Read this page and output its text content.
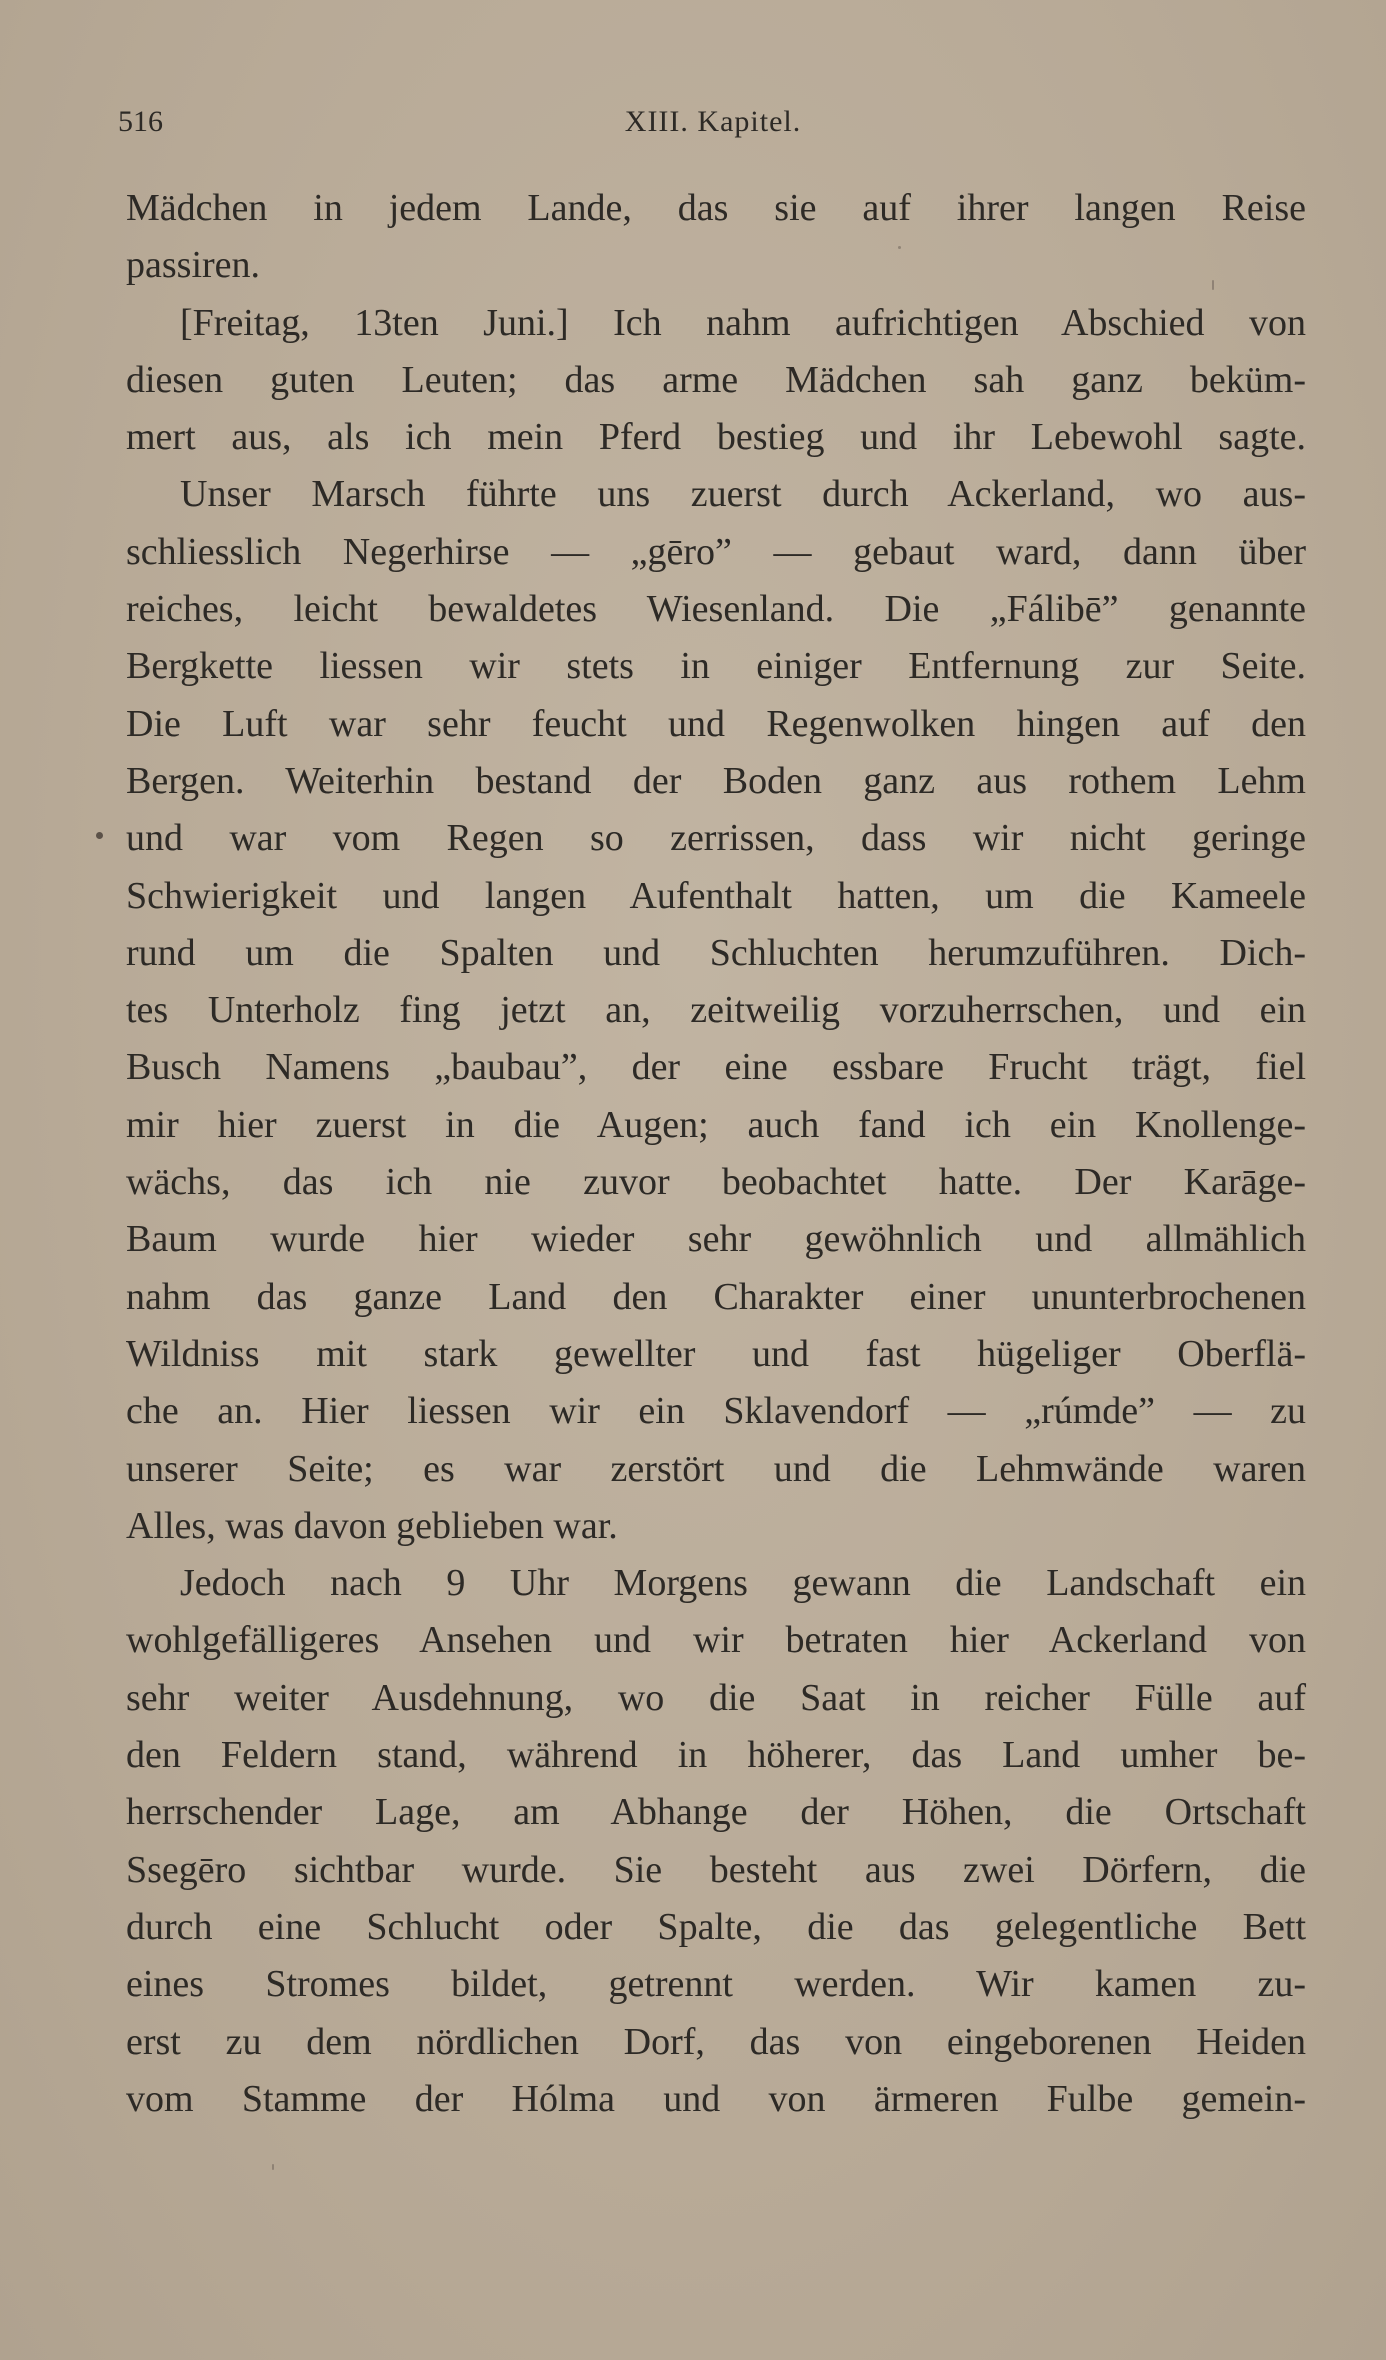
516	XIII. Kapitel.
Mädchen in jedem Lande, das sie auf ihrer langen Reise
passiren.
[Freitag, 13ten Juni.] Ich nahm aufrichtigen Abschied von
diesen guten Leuten; das arme Mädchen sah ganz beküm-
mert aus, als ich mein Pferd bestieg und ihr Lebewohl sagte.
Unser Marsch führte uns zuerst durch Ackerland, wo aus-
schliesslich Negerhirse — „gēro” — gebaut ward, dann über
reiches, leicht bewaldetes Wiesenland. Die „Fálibē” genannte
Bergkette liessen wir stets in einiger Entfernung zur Seite.
Die Luft war sehr feucht und Regenwolken hingen auf den
Bergen. Weiterhin bestand der Boden ganz aus rothem Lehm
und war vom Regen so zerrissen, dass wir nicht geringe
Schwierigkeit und langen Aufenthalt hatten, um die Kameele
rund um die Spalten und Schluchten herumzuführen. Dich-
tes Unterholz fing jetzt an, zeitweilig vorzuherrschen, und ein
Busch Namens „baubau”, der eine essbare Frucht trägt, fiel
mir hier zuerst in die Augen; auch fand ich ein Knollenge-
wächs, das ich nie zuvor beobachtet hatte. Der Karāge-
Baum wurde hier wieder sehr gewöhnlich und allmählich
nahm das ganze Land den Charakter einer ununterbrochenen
Wildniss mit stark gewellter und fast hügeliger Oberflä-
che an. Hier liessen wir ein Sklavendorf — „rúmde” — zu
unserer Seite; es war zerstört und die Lehmwände waren
Alles, was davon geblieben war.
Jedoch nach 9 Uhr Morgens gewann die Landschaft ein
wohlgefälligeres Ansehen und wir betraten hier Ackerland von
sehr weiter Ausdehnung, wo die Saat in reicher Fülle auf
den Feldern stand, während in höherer, das Land umher be-
herrschender Lage, am Abhange der Höhen, die Ortschaft
Ssegēro sichtbar wurde. Sie besteht aus zwei Dörfern, die
durch eine Schlucht oder Spalte, die das gelegentliche Bett
eines Stromes bildet, getrennt werden. Wir kamen zu-
erst zu dem nördlichen Dorf, das von eingeborenen Heiden
vom Stamme der Hólma und von ärmeren Fulbe gemein-
